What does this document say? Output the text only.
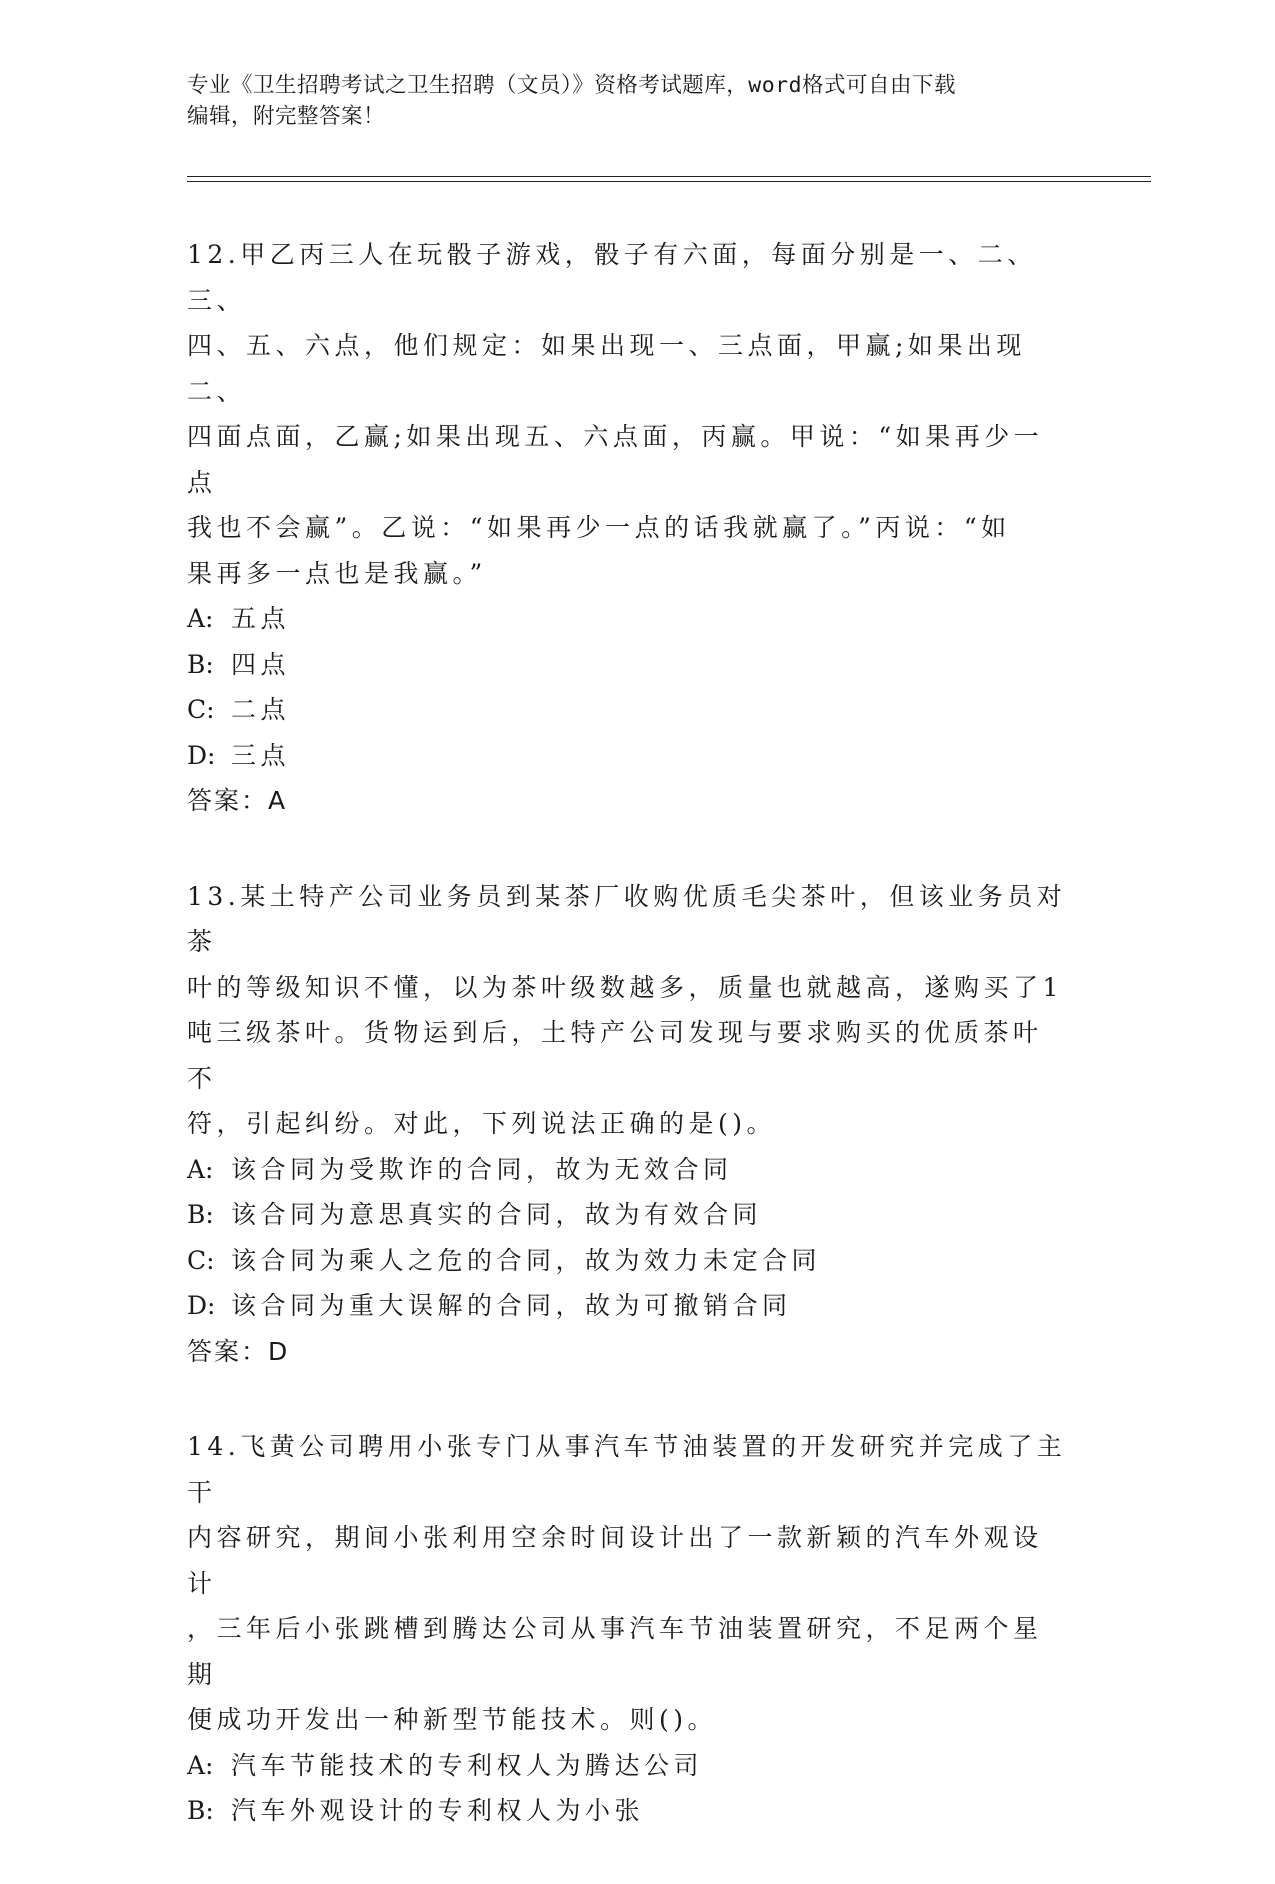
专业《卫生招聘考试之卫生招聘（文员）》资格考试题库，word格式可自由下载
编辑，附完整答案！

12.甲乙丙三人在玩骰子游戏，骰子有六面，每面分别是一、二、三、

四、五、六点，他们规定：如果出现一、三点面，甲赢;如果出现二、

四面点面，乙赢;如果出现五、六点面，丙赢。甲说：“如果再少一点

我也不会赢”。乙说：“如果再少一点的话我就赢了。”丙说：“如

果再多一点也是我赢。”

A: 五点

B: 四点

C: 二点

D: 三点

答案：A

13.某土特产公司业务员到某茶厂收购优质毛尖茶叶，但该业务员对茶

叶的等级知识不懂，以为茶叶级数越多，质量也就越高，遂购买了1

吨三级茶叶。货物运到后，土特产公司发现与要求购买的优质茶叶不

符，引起纠纷。对此，下列说法正确的是()。

A: 该合同为受欺诈的合同，故为无效合同

B: 该合同为意思真实的合同，故为有效合同

C: 该合同为乘人之危的合同，故为效力未定合同

D: 该合同为重大误解的合同，故为可撤销合同

答案：D

14.飞黄公司聘用小张专门从事汽车节油装置的开发研究并完成了主干

内容研究，期间小张利用空余时间设计出了一款新颖的汽车外观设计

，三年后小张跳槽到腾达公司从事汽车节油装置研究，不足两个星期

便成功开发出一种新型节能技术。则()。

A: 汽车节能技术的专利权人为腾达公司

B: 汽车外观设计的专利权人为小张
